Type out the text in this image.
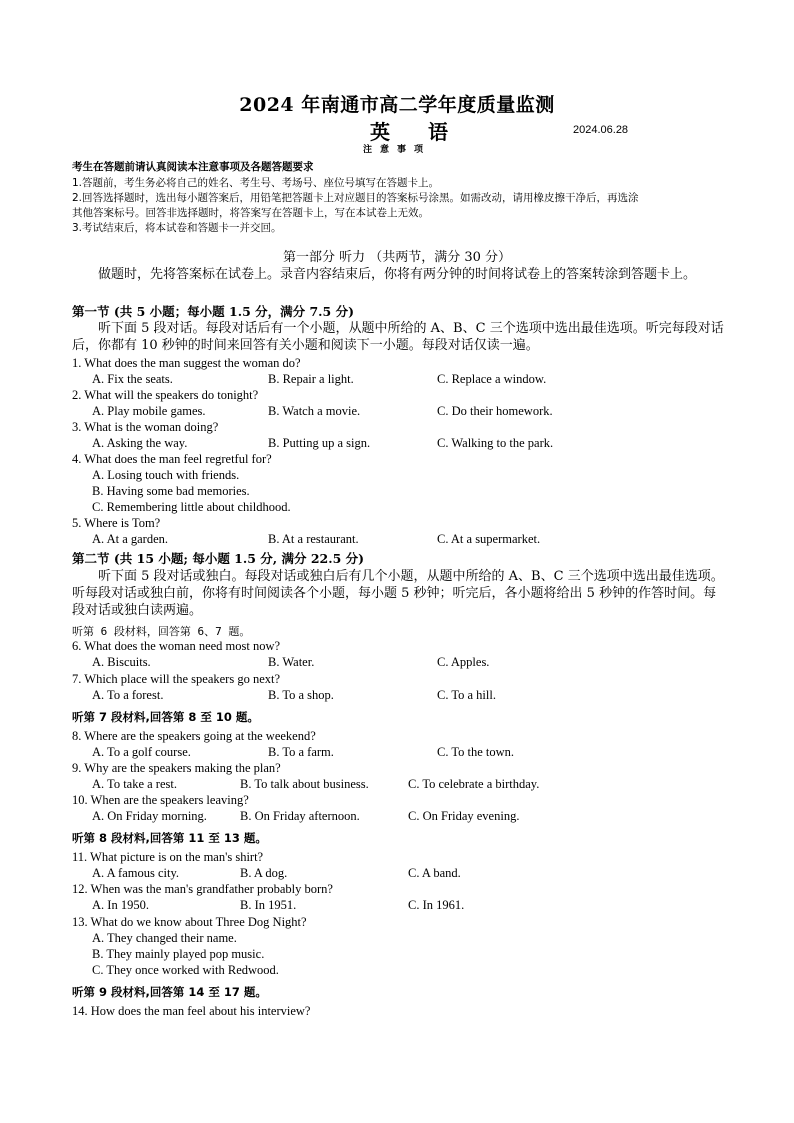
2024 年南通市高二学年度质量监测
英语	2024.06.28
注意事项
考生在答题前请认真阅读本注意事项及各题答题要求
1.答题前，考生务必将自己的姓名、考生号、考场号、座位号填写在答题卡上。
2.回答选择题时，选出每小题答案后，用铅笔把答题卡上对应题目的答案标号涂黑。如需改动，请用橡皮擦干净后，再选涂
其他答案标号。回答非选择题时，将答案写在答题卡上，写在本试卷上无效。
3.考试结束后，将本试卷和答题卡一并交回。
第一部分 听力 （共两节，满分 30 分）
做题时，先将答案标在试卷上。录音内容结束后，你将有两分钟的时间将试卷上的答案转涂到答题卡上。
第一节 (共 5 小题；每小题 1.5 分，满分 7.5 分)
听下面 5 段对话。每段对话后有一个小题，从题中所给的 A、B、C 三个选项中选出最佳选项。听完每段对话后，你都有 10 秒钟的时间来回答有关小题和阅读下一小题。每段对话仅读一遍。
1. What does the man suggest the woman do?
A. Fix the seats.	B. Repair a light.	C. Replace a window.
2. What will the speakers do tonight?
A. Play mobile games.	B. Watch a movie.	C. Do their homework.
3. What is the woman doing?
A. Asking the way.	B. Putting up a sign.	C. Walking to the park.
4. What does the man feel regretful for?
A. Losing touch with friends.
B. Having some bad memories.
C. Remembering little about childhood.
5. Where is Tom?
A. At a garden.	B. At a restaurant.	C. At a supermarket.
第二节 (共 15 小题; 每小题 1.5 分, 满分 22.5 分)
听下面 5 段对话或独白。每段对话或独白后有几个小题，从题中所给的 A、B、C 三个选项中选出最佳选项。听每段对话或独白前，你将有时间阅读各个小题，每小题 5 秒钟；听完后，各小题将给出 5 秒钟的作答时间。每段对话或独白读两遍。
听第 6 段材料，回答第 6、7 题。
6. What does the woman need most now?
A. Biscuits.	B. Water.	C. Apples.
7. Which place will the speakers go next?
A. To a forest.	B. To a shop.	C. To a hill.
听第 7 段材料,回答第 8 至 10 题。
8. Where are the speakers going at the weekend?
A. To a golf course.	B. To a farm.	C. To the town.
9. Why are the speakers making the plan?
A. To take a rest.	B. To talk about business.	C. To celebrate a birthday.
10. When are the speakers leaving?
A. On Friday morning.	B. On Friday afternoon.	C. On Friday evening.
听第 8 段材料,回答第 11 至 13 题。
11. What picture is on the man's shirt?
A. A famous city.	B. A dog.	C. A band.
12. When was the man's grandfather probably born?
A. In 1950.	B. In 1951.	C. In 1961.
13. What do we know about Three Dog Night?
A. They changed their name.
B. They mainly played pop music.
C. They once worked with Redwood.
听第 9 段材料,回答第 14 至 17 题。
14. How does the man feel about his interview?
